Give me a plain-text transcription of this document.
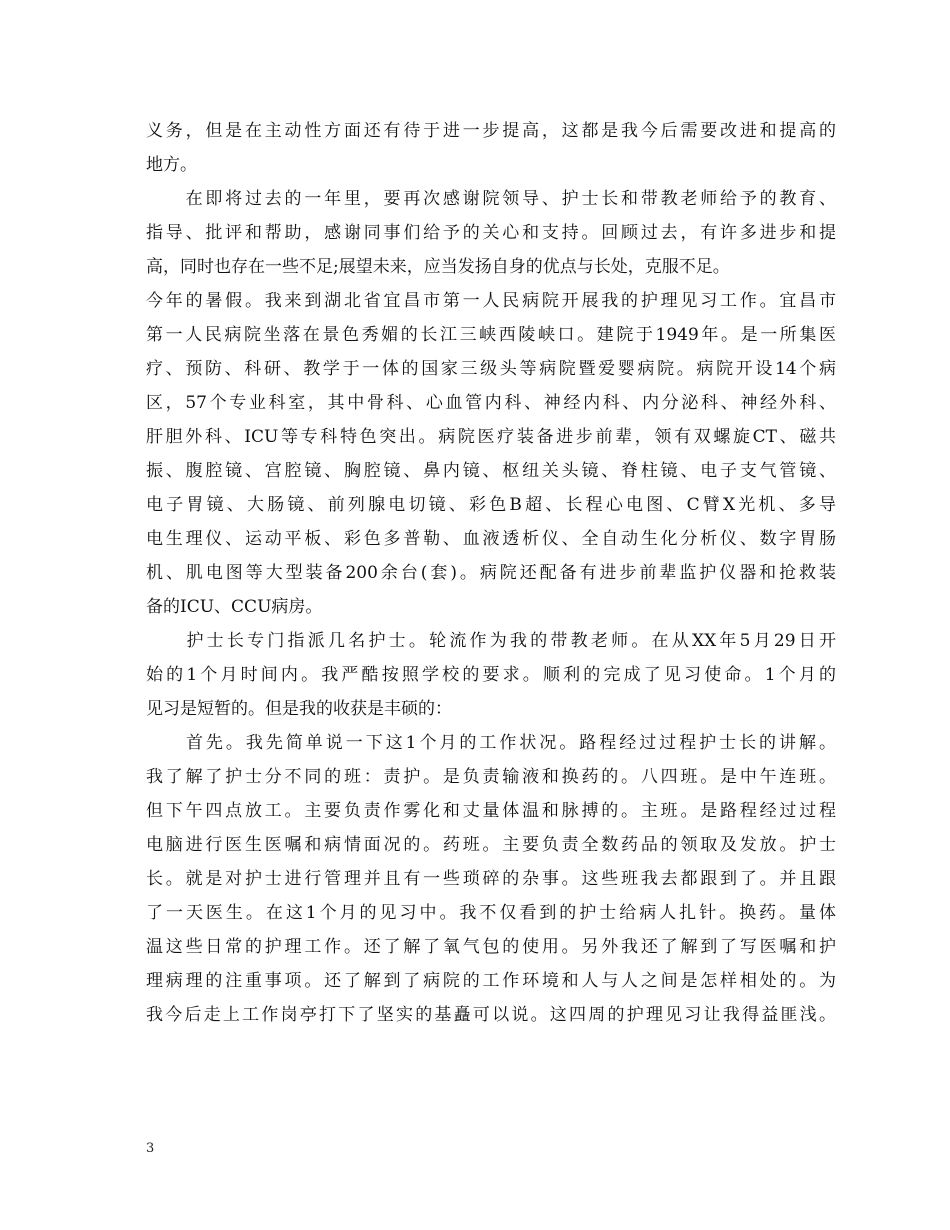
义务，但是在主动性方面还有待于进一步提高，这都是我今后需要改进和提高的
地方。
　　在即将过去的一年里，要再次感谢院领导、护士长和带教老师给予的教育、
指导、批评和帮助，感谢同事们给予的关心和支持。回顾过去，有许多进步和提
高，同时也存在一些不足;展望未来，应当发扬自身的优点与长处，克服不足。
今年的暑假。我来到湖北省宜昌市第一人民病院开展我的护理见习工作。宜昌市
第一人民病院坐落在景色秀媚的长江三峡西陵峡口。建院于1949年。是一所集医
疗、预防、科研、教学于一体的国家三级头等病院暨爱婴病院。病院开设14个病
区，57个专业科室，其中骨科、心血管内科、神经内科、内分泌科、神经外科、
肝胆外科、ICU等专科特色突出。病院医疗装备进步前辈，领有双螺旋CT、磁共
振、腹腔镜、宫腔镜、胸腔镜、鼻内镜、枢纽关头镜、脊柱镜、电子支气管镜、
电子胃镜、大肠镜、前列腺电切镜、彩色B超、长程心电图、C臂X光机、多导
电生理仪、运动平板、彩色多普勒、血液透析仪、全自动生化分析仪、数字胃肠
机、肌电图等大型装备200余台(套)。病院还配备有进步前辈监护仪器和抢救装
备的ICU、CCU病房。
　　护士长专门指派几名护士。轮流作为我的带教老师。在从XX年5月29日开
始的1个月时间内。我严酷按照学校的要求。顺利的完成了见习使命。1个月的
见习是短暂的。但是我的收获是丰硕的：
　　首先。我先简单说一下这1个月的工作状况。路程经过过程护士长的讲解。
我了解了护士分不同的班：责护。是负责输液和换药的。八四班。是中午连班。
但下午四点放工。主要负责作雾化和丈量体温和脉搏的。主班。是路程经过过程
电脑进行医生医嘱和病情面况的。药班。主要负责全数药品的领取及发放。护士
长。就是对护士进行管理并且有一些琐碎的杂事。这些班我去都跟到了。并且跟
了一天医生。在这1个月的见习中。我不仅看到的护士给病人扎针。换药。量体
温这些日常的护理工作。还了解了氧气包的使用。另外我还了解到了写医嘱和护
理病理的注重事项。还了解到了病院的工作环境和人与人之间是怎样相处的。为
我今后走上工作岗亭打下了坚实的基矗可以说。这四周的护理见习让我得益匪浅。
3
